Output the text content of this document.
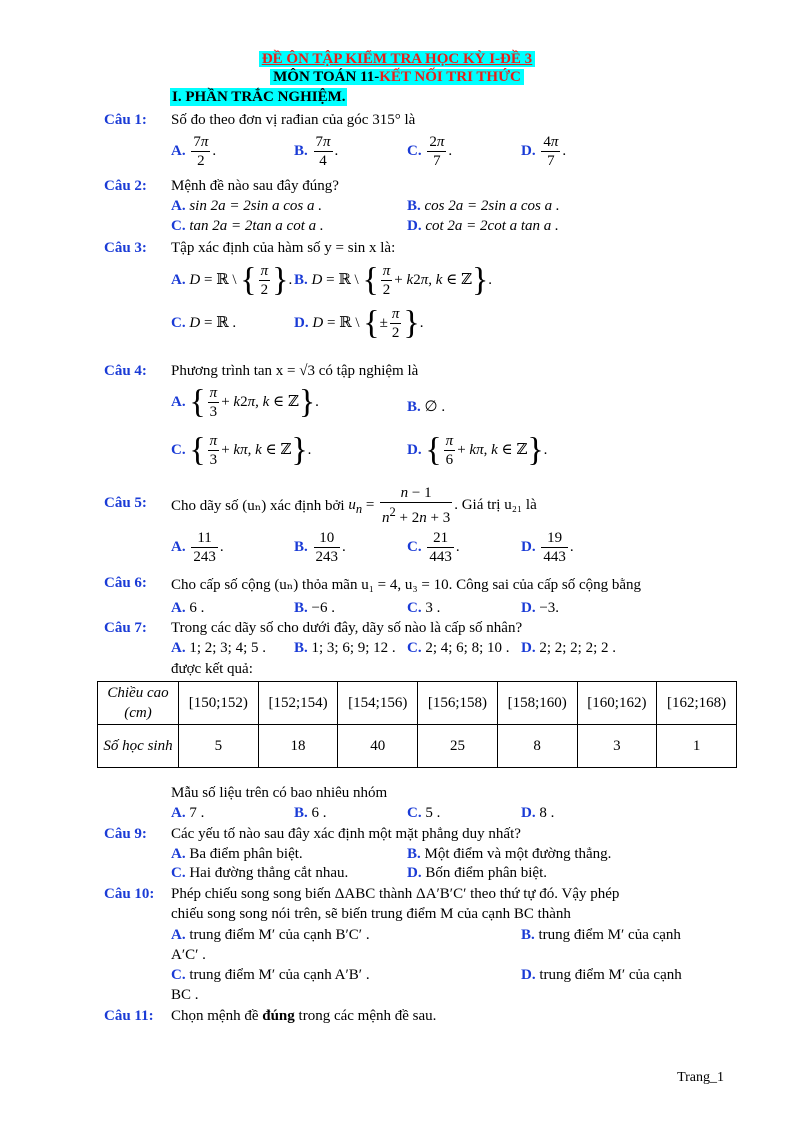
ĐỀ ÔN TẬP KIỂM TRA HỌC KỲ I-ĐỀ 3
MÔN TOÁN 11-KẾT NỐI TRI THỨC
I. PHẦN TRẮC NGHIỆM.
Câu 1: Số đo theo đơn vị rađian của góc 315° là
A. $\frac{7\pi}{2}$ .	B. $\frac{7\pi}{4}$ .	C. $\frac{2\pi}{7}$ .	D. $\frac{4\pi}{7}$ .
Câu 2: Mệnh đề nào sau đây đúng?
A. sin 2a = 2sin a cos a .	B. cos 2a = 2sin a cos a .
C. tan 2a = 2tan a cot a .	D. cot 2a = 2cot a tan a .
Câu 3: Tập xác định của hàm số y = sin x là:
A. D = ℝ \ { $\frac{\pi}{2}$ }. B. D = ℝ \ { $\frac{\pi}{2} + k2\pi$, k ∈ ℤ}.
C. D = ℝ .	D. D = ℝ \ {± $\frac{\pi}{2}$ }.
Câu 4: Phương trình tan x = √3 có tập nghiệm là
A. { $\frac{\pi}{3} + k2\pi$, k ∈ ℤ}.	B. ∅ .
C. { $\frac{\pi}{3} + k\pi$, k ∈ ℤ}.	D. { $\frac{\pi}{6} + k\pi$, k ∈ ℤ}.
Câu 5: Cho dãy số (uₙ) xác định bởi $u_n = \frac{n - 1}{n^2 + 2n + 3}$ . Giá trị u₂₁ là
A. $\frac{11}{243}$ .	B. $\frac{10}{243}$ .	C. $\frac{21}{443}$ .	D. $\frac{19}{443}$ .
Câu 6: Cho cấp số cộng (uₙ) thỏa mãn u₁ = 4, u₃ = 10. Công sai của cấp số cộng bằng
A. 6 .	B. −6 .	C. 3 .	D. −3.
Câu 7: Trong các dãy số cho dưới đây, dãy số nào là cấp số nhân?
A. 1; 2; 3; 4; 5 . B. 1; 3; 6; 9; 12 . C. 2; 4; 6; 8; 10 . D. 2; 2; 2; 2; 2 .
được kết quả:
Chiều cao (cm)	[150;152)	[152;154)	[154;156)	[156;158)	[158;160)	[160;162)	[162;168)
Số học sinh	5	18	40	25	8	3	1
Mẫu số liệu trên có bao nhiêu nhóm
A. 7 .	B. 6 .	C. 5 .	D. 8 .
Câu 9: Các yếu tố nào sau đây xác định một mặt phẳng duy nhất?
A. Ba điểm phân biệt.	B. Một điểm và một đường thẳng.
C. Hai đường thẳng cắt nhau.	D. Bốn điểm phân biệt.
Câu 10: Phép chiếu song song biến ΔABC thành ΔA′B′C′ theo thứ tự đó. Vậy phép
chiếu song song nói trên, sẽ biến trung điểm M của cạnh BC thành
A. trung điểm M′ của cạnh B′C′ .	B. trung điểm M′ của cạnh
A′C′ .
C. trung điểm M′ của cạnh A′B′ .	D. trung điểm M′ của cạnh
BC .
Câu 11: Chọn mệnh đề đúng trong các mệnh đề sau.
Trang_1
